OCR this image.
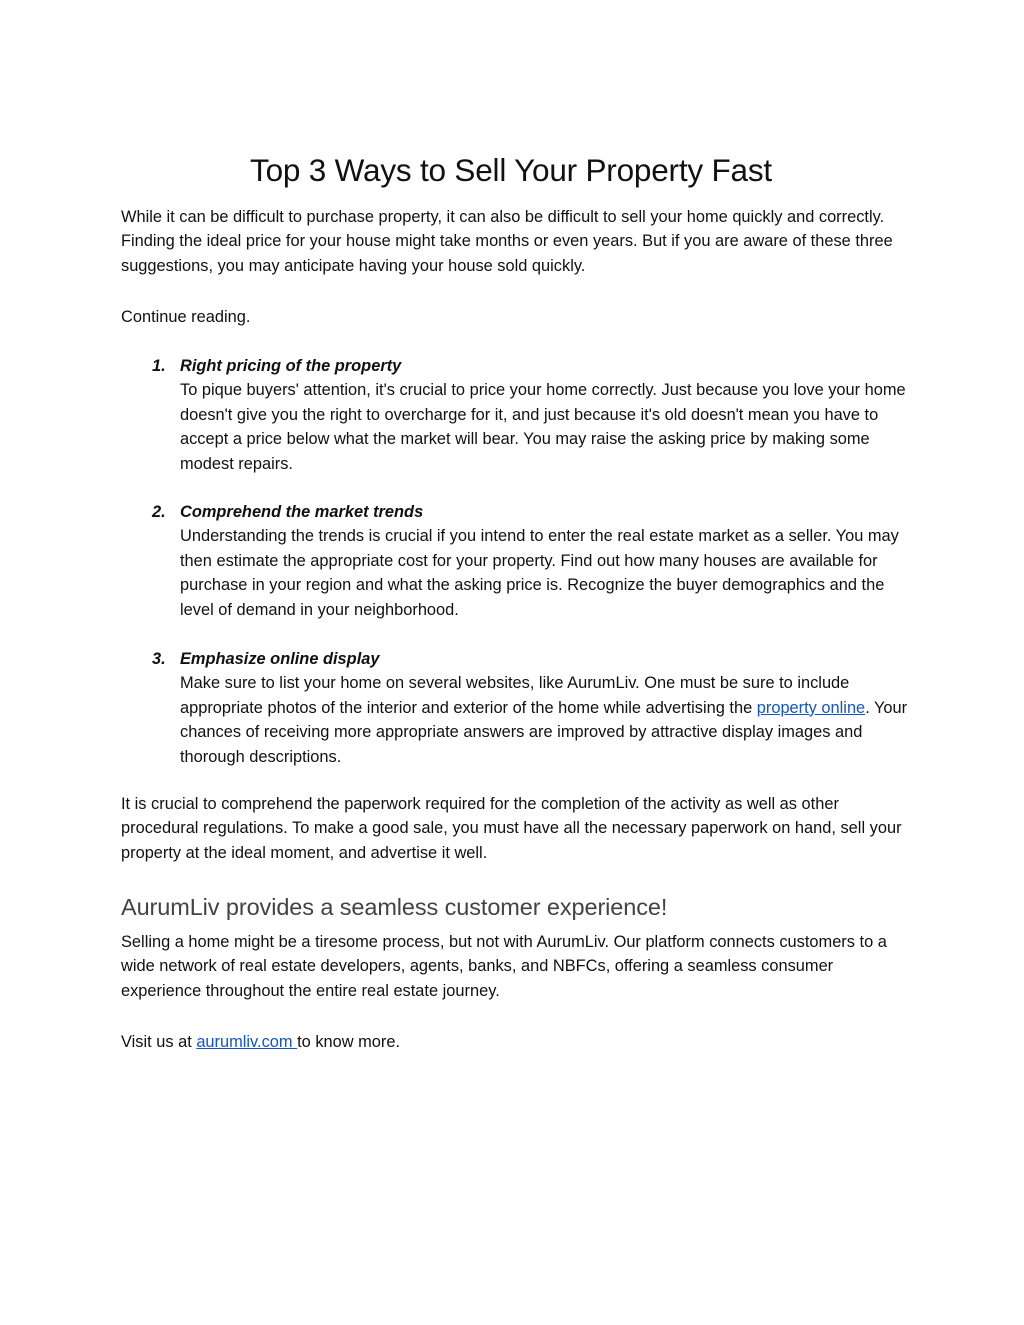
Top 3 Ways to Sell Your Property Fast

While it can be difficult to purchase property, it can also be difficult to sell your home quickly and correctly. Finding the ideal price for your house might take months or even years. But if you are aware of these three suggestions, you may anticipate having your house sold quickly.

Continue reading.

1. Right pricing of the property
To pique buyers' attention, it's crucial to price your home correctly. Just because you love your home doesn't give you the right to overcharge for it, and just because it's old doesn't mean you have to accept a price below what the market will bear. You may raise the asking price by making some modest repairs.
2. Comprehend the market trends
Understanding the trends is crucial if you intend to enter the real estate market as a seller. You may then estimate the appropriate cost for your property. Find out how many houses are available for purchase in your region and what the asking price is. Recognize the buyer demographics and the level of demand in your neighborhood.
3. Emphasize online display
Make sure to list your home on several websites, like AurumLiv. One must be sure to include appropriate photos of the interior and exterior of the home while advertising the property online. Your chances of receiving more appropriate answers are improved by attractive display images and thorough descriptions.

It is crucial to comprehend the paperwork required for the completion of the activity as well as other procedural regulations. To make a good sale, you must have all the necessary paperwork on hand, sell your property at the ideal moment, and advertise it well.

AurumLiv provides a seamless customer experience!

Selling a home might be a tiresome process, but not with AurumLiv. Our platform connects customers to a wide network of real estate developers, agents, banks, and NBFCs, offering a seamless consumer experience throughout the entire real estate journey.

Visit us at aurumliv.com to know more.
